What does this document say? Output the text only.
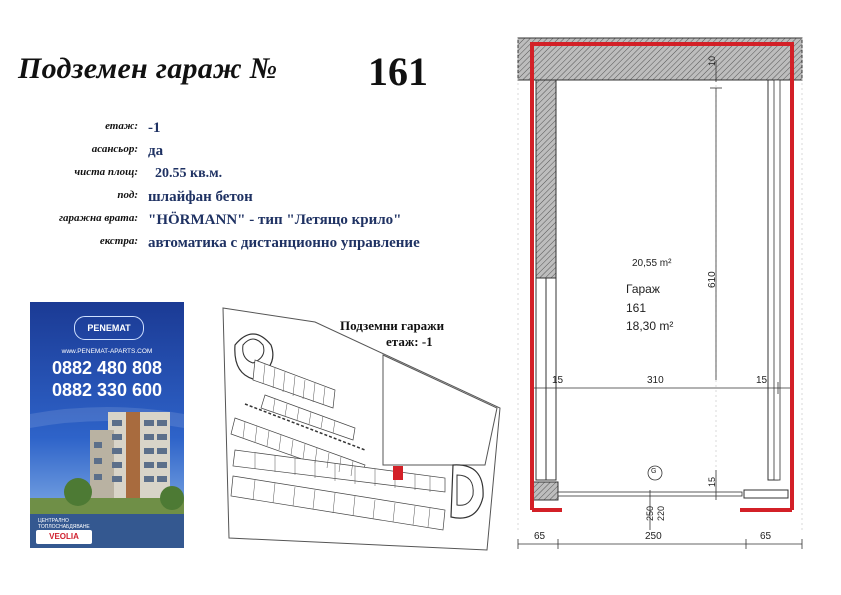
Подземен гараж № 161
етаж: -1
асансьор: да
чиста площ: 20.55 кв.м.
под: шлайфан бетон
гаражна врата: "HÖRMANN" - тип "Летящо крило"
екстра: автоматика с дистанционно управление
PENEMAT
www.PENEMAT-APARTS.COM
0882 480 808
0882 330 600
ЦЕНТРАЛНО ТОПЛОСНАБДЯВАНЕ
VEOLIA
Подземни гаражи
етаж: -1
20,55 m²
Гараж
161
18,30 m²
610
10
15	310	15
15
G
250 220
65	250	65
